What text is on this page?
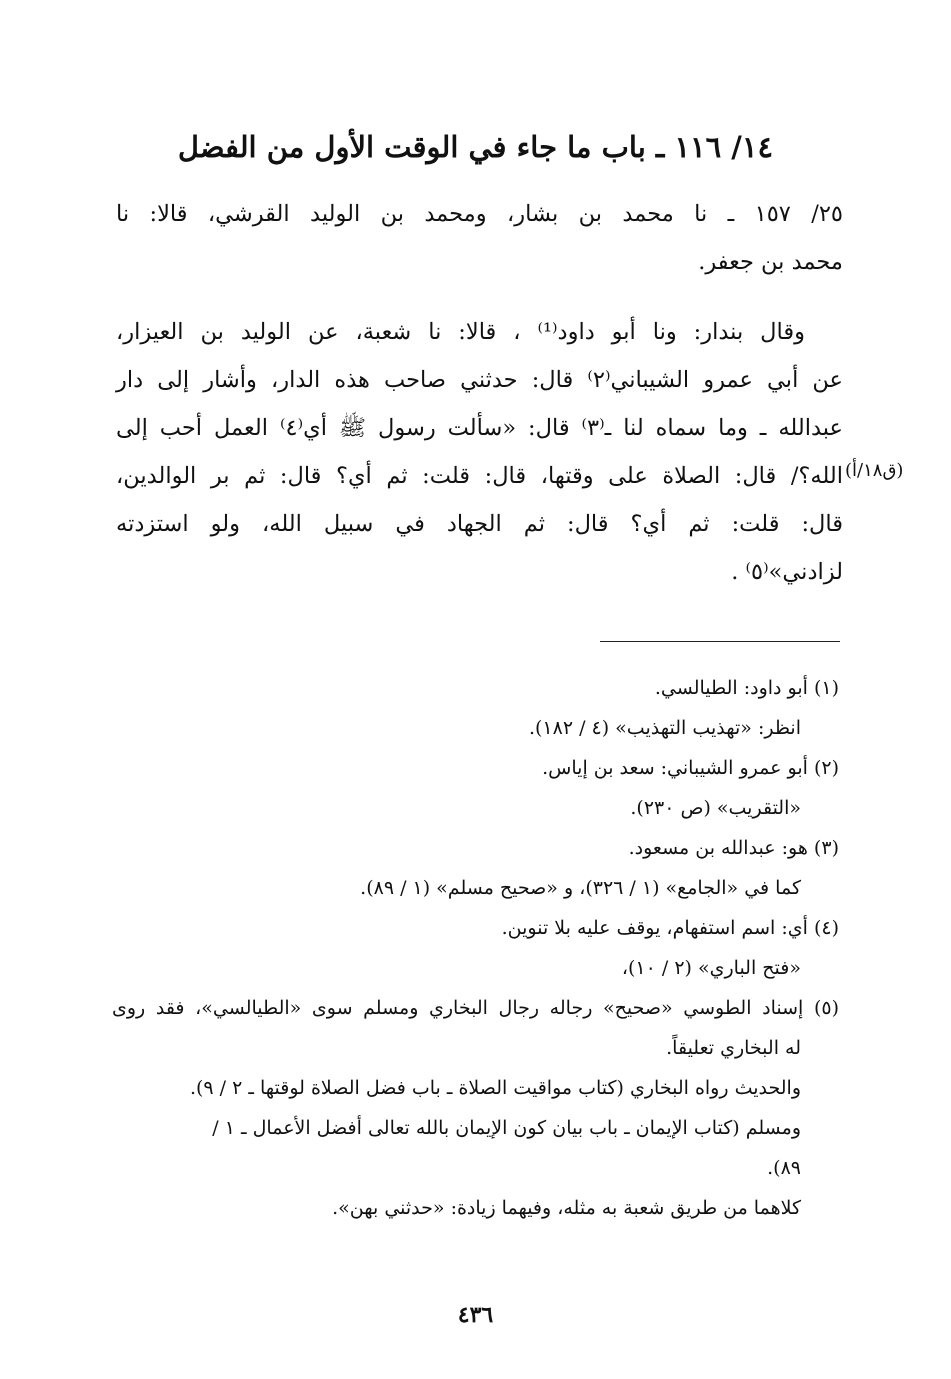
١٤/ ١١٦ ـ باب ما جاء في الوقت الأول من الفضل
٢٥/ ١٥٧ ـ نا محمد بن بشار، ومحمد بن الوليد القرشي، قالا: نا
محمد بن جعفر.
وقال بندار: ونا أبو داود⁽¹⁾ ، قالا: نا شعبة، عن الوليد بن العيزار،
عن أبي عمرو الشيباني⁽٢⁾ قال: حدثني صاحب هذه الدار، وأشار إلى دار
عبدالله ـ وما سماه لنا ـ⁽٣⁾ قال: «سألت رسول ﷺ أي⁽٤⁾ العمل أحب إلى
الله؟/ قال: الصلاة على وقتها، قال: قلت: ثم أي؟ قال: ثم بر الوالدين،
قال: قلت: ثم أي؟ قال: ثم الجهاد في سبيل الله، ولو استزدته
لزادني»⁽٥⁾ .
(ق١٨/أ)
(١) أبو داود: الطيالسي.
انظر: «تهذيب التهذيب» (٤ / ١٨٢).
(٢) أبو عمرو الشيباني: سعد بن إياس.
«التقريب» (ص ٢٣٠).
(٣) هو: عبدالله بن مسعود.
كما في «الجامع» (١ / ٣٢٦)، و «صحيح مسلم» (١ / ٨٩).
(٤) أي: اسم استفهام، يوقف عليه بلا تنوين.
«فتح الباري» (٢ / ١٠)،
(٥) إسناد الطوسي «صحيح» رجاله رجال البخاري ومسلم سوى «الطيالسي»، فقد روى
له البخاري تعليقاً.
والحديث رواه البخاري (كتاب مواقيت الصلاة ـ باب فضل الصلاة لوقتها ـ ٢ / ٩).
ومسلم (كتاب الإيمان ـ باب بيان كون الإيمان بالله تعالى أفضل الأعمال ـ ١ /
٨٩).
كلاهما من طريق شعبة به مثله، وفيهما زيادة: «حدثني بهن».
٤٣٦
